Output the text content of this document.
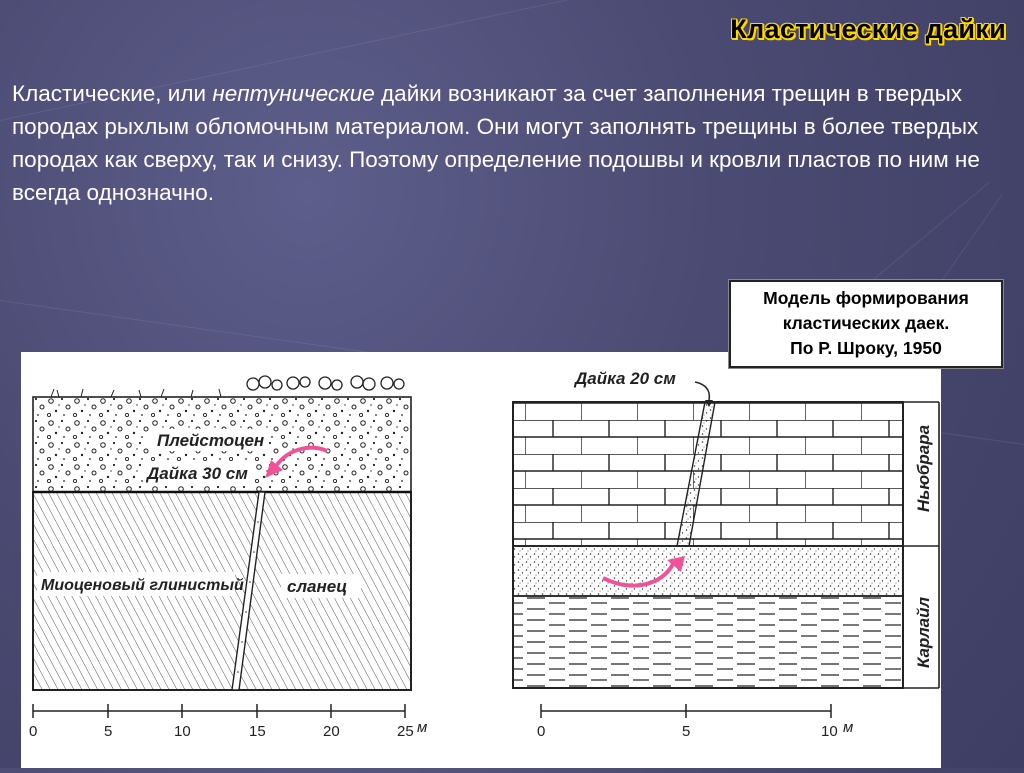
Кластические дайки
Кластические, или нептунические дайки возникают за счет заполнения трещин в твердых породах рыхлым обломочным материалом. Они могут заполнять трещины в более твердых породах как сверху, так и снизу. Поэтому определение подошвы и кровли пластов по ним не всегда однозначно.
Плейстоцен
Дайка 30 см
Миоценовый глинистый	сланец
0	5	10	15	20	25 м
Дайка 20 см
Ньюбрара
Карлайл
0	5	10 м
Модель формирования
кластических даек.
По Р. Шроку, 1950
